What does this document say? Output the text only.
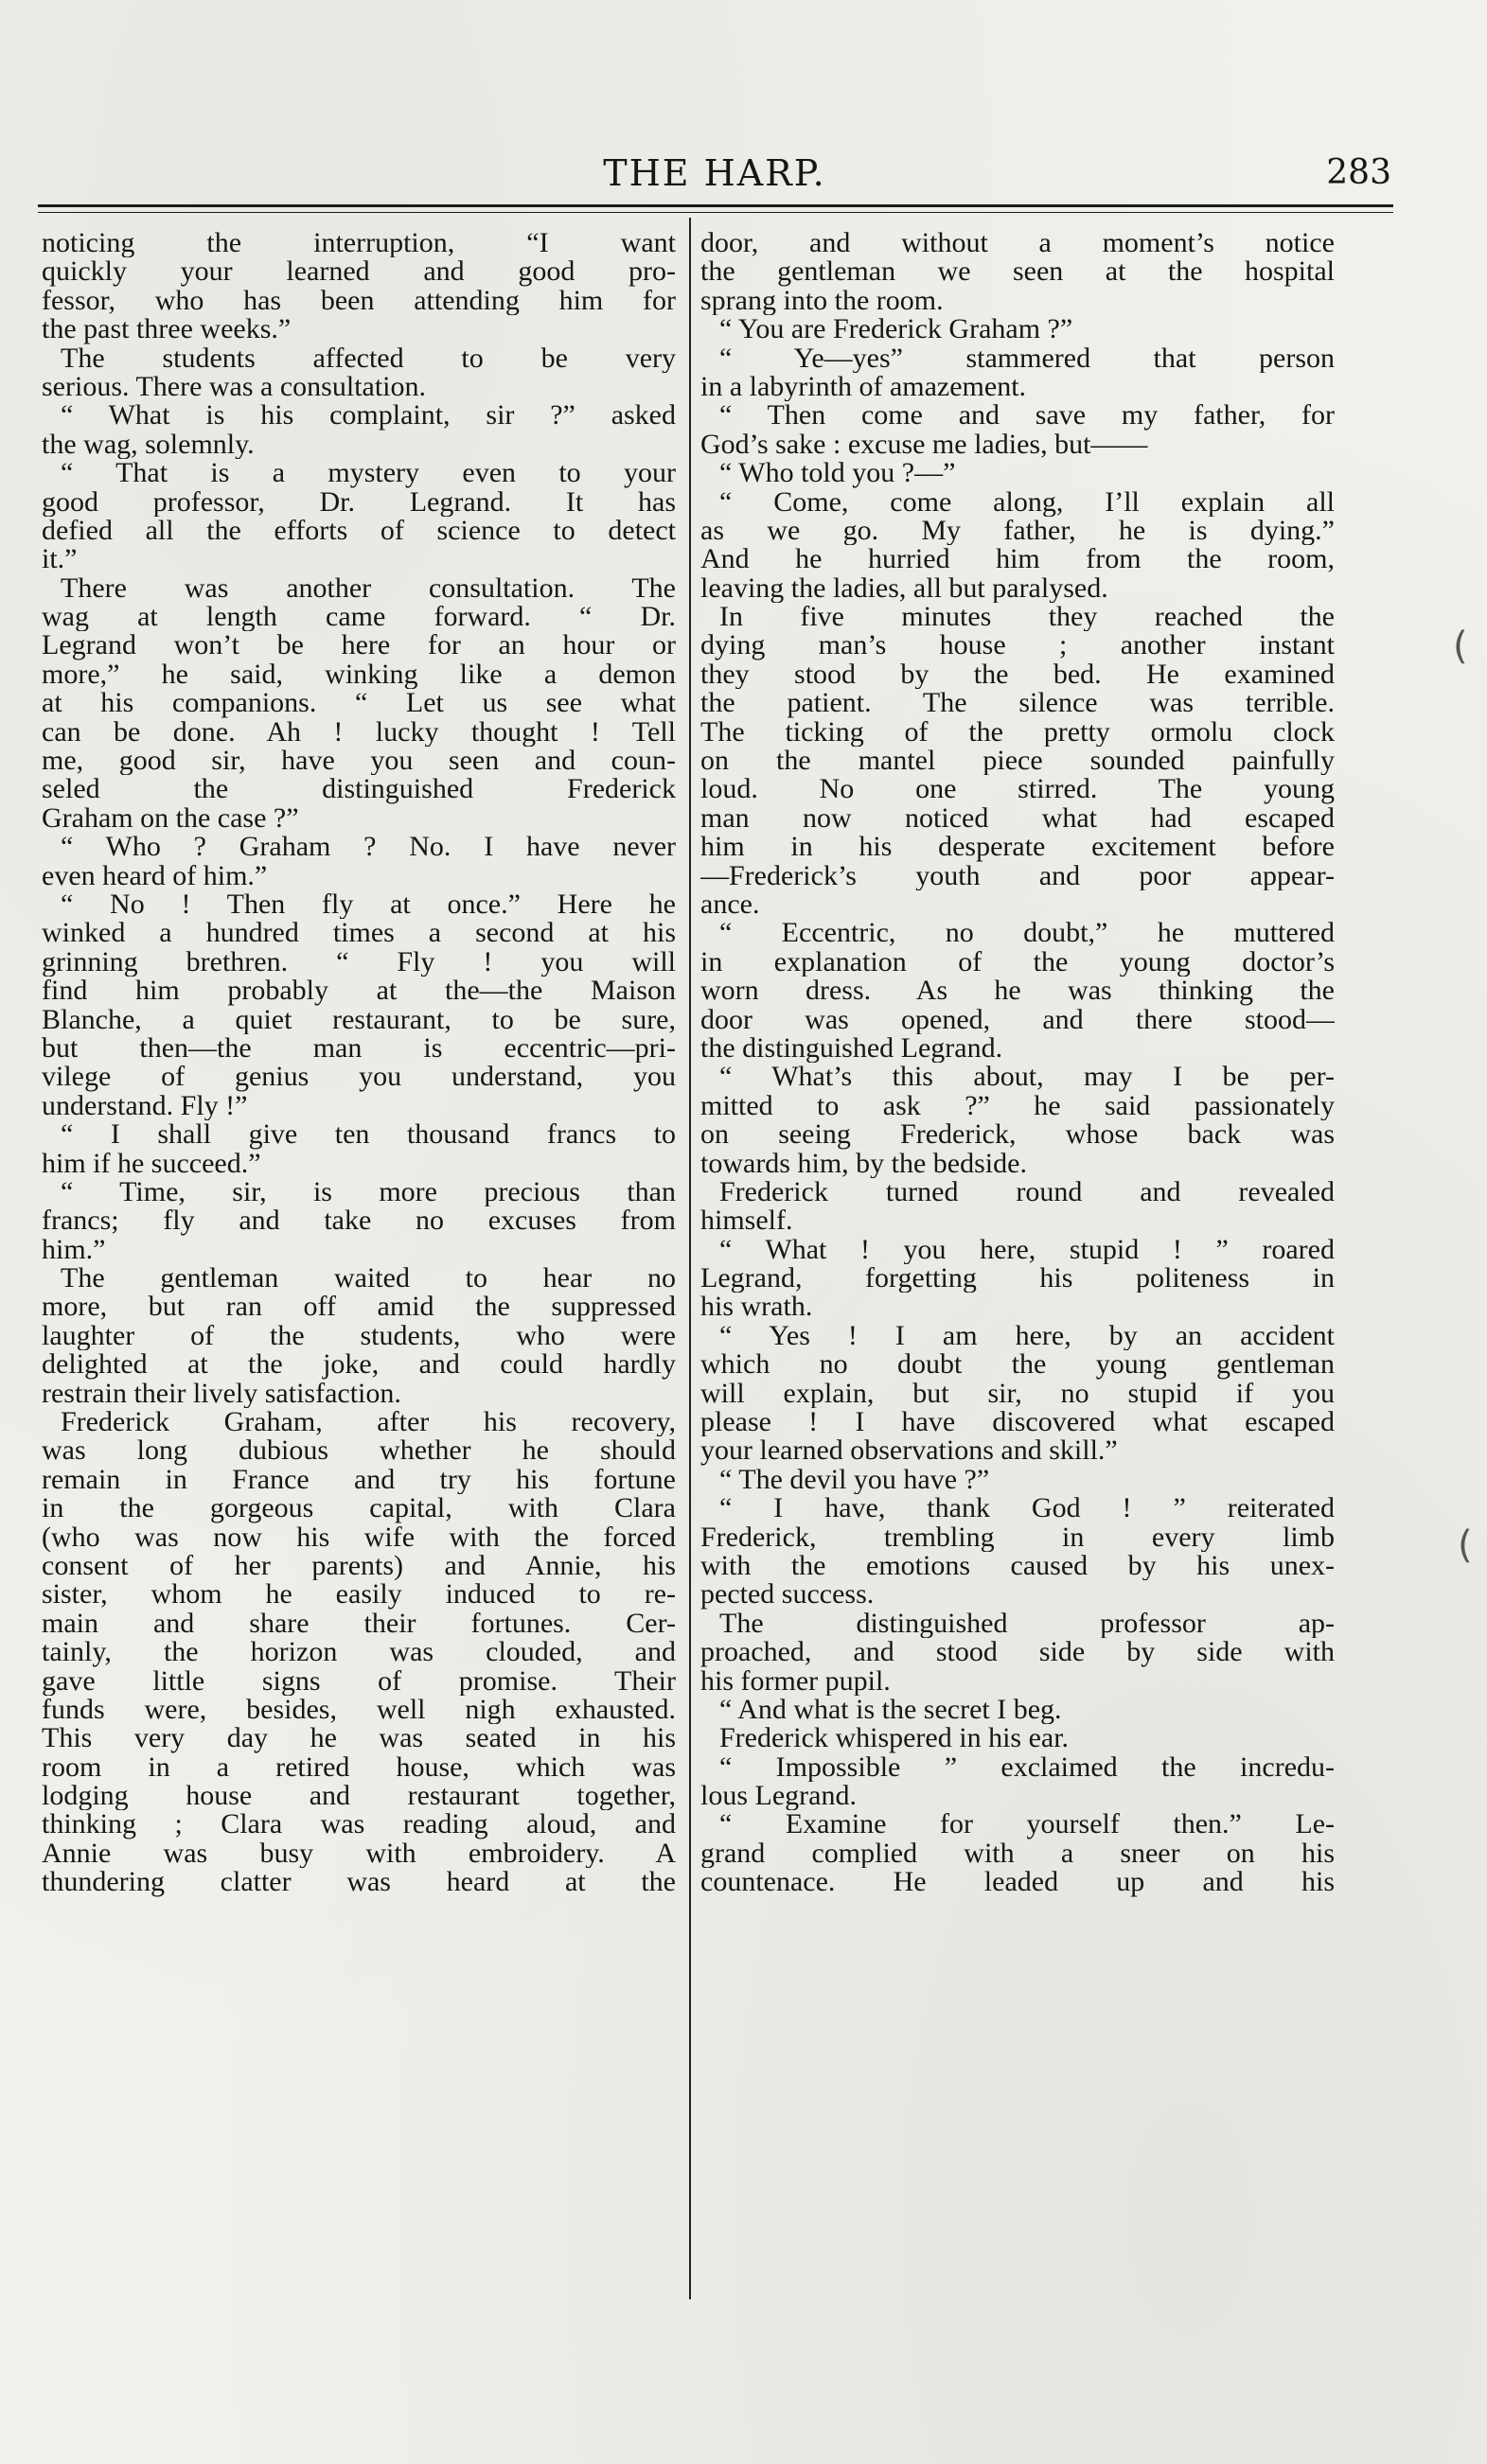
THE HARP.	283
noticing the interruption, “I want
quickly your learned and good pro-
fessor, who has been attending him for
the past three weeks.”
The students affected to be very
serious. There was a consultation.
“ What is his complaint, sir ?” asked
the wag, solemnly.
“ That is a mystery even to your
good professor, Dr. Legrand. It has
defied all the efforts of science to detect
it.”
There was another consultation. The
wag at length came forward. “ Dr.
Legrand won’t be here for an hour or
more,” he said, winking like a demon
at his companions. “ Let us see what
can be done. Ah ! lucky thought ! Tell
me, good sir, have you seen and coun-
seled the distinguished Frederick
Graham on the case ?”
“ Who ? Graham ? No. I have never
even heard of him.”
“ No ! Then fly at once.” Here he
winked a hundred times a second at his
grinning brethren. “ Fly ! you will
find him probably at the—the Maison
Blanche, a quiet restaurant, to be sure,
but then—the man is eccentric—pri-
vilege of genius you understand, you
understand. Fly !”
“ I shall give ten thousand francs to
him if he succeed.”
“ Time, sir, is more precious than
francs; fly and take no excuses from
him.”
The gentleman waited to hear no
more, but ran off amid the suppressed
laughter of the students, who were
delighted at the joke, and could hardly
restrain their lively satisfaction.
Frederick Graham, after his recovery,
was long dubious whether he should
remain in France and try his fortune
in the gorgeous capital, with Clara
(who was now his wife with the forced
consent of her parents) and Annie, his
sister, whom he easily induced to re-
main and share their fortunes. Cer-
tainly, the horizon was clouded, and
gave little signs of promise. Their
funds were, besides, well nigh exhausted.
This very day he was seated in his
room in a retired house, which was
lodging house and restaurant together,
thinking ; Clara was reading aloud, and
Annie was busy with embroidery. A
thundering clatter was heard at the
door, and without a moment’s notice
the gentleman we seen at the hospital
sprang into the room.
“ You are Frederick Graham ?”
“ Ye—yes” stammered that person
in a labyrinth of amazement.
“ Then come and save my father, for
God’s sake : excuse me ladies, but——
“ Who told you ?—”
“ Come, come along, I’ll explain all
as we go. My father, he is dying.”
And he hurried him from the room,
leaving the ladies, all but paralysed.
In five minutes they reached the
dying man’s house ; another instant
they stood by the bed. He examined
the patient. The silence was terrible.
The ticking of the pretty ormolu clock
on the mantel piece sounded painfully
loud. No one stirred. The young
man now noticed what had escaped
him in his desperate excitement before
—Frederick’s youth and poor appear-
ance.
“ Eccentric, no doubt,” he muttered
in explanation of the young doctor’s
worn dress. As he was thinking the
door was opened, and there stood—
the distinguished Legrand.
“ What’s this about, may I be per-
mitted to ask ?” he said passionately
on seeing Frederick, whose back was
towards him, by the bedside.
Frederick turned round and revealed
himself.
“ What ! you here, stupid ! ” roared
Legrand, forgetting his politeness in
his wrath.
“ Yes ! I am here, by an accident
which no doubt the young gentleman
will explain, but sir, no stupid if you
please ! I have discovered what escaped
your learned observations and skill.”
“ The devil you have ?”
“ I have, thank God ! ” reiterated
Frederick, trembling in every limb
with the emotions caused by his unex-
pected success.
The distinguished professor ap-
proached, and stood side by side with
his former pupil.
“ And what is the secret I beg.
Frederick whispered in his ear.
“ Impossible ” exclaimed the incredu-
lous Legrand.
“ Examine for yourself then.” Le-
grand complied with a sneer on his
countenace. He leaded up and his
(
(
